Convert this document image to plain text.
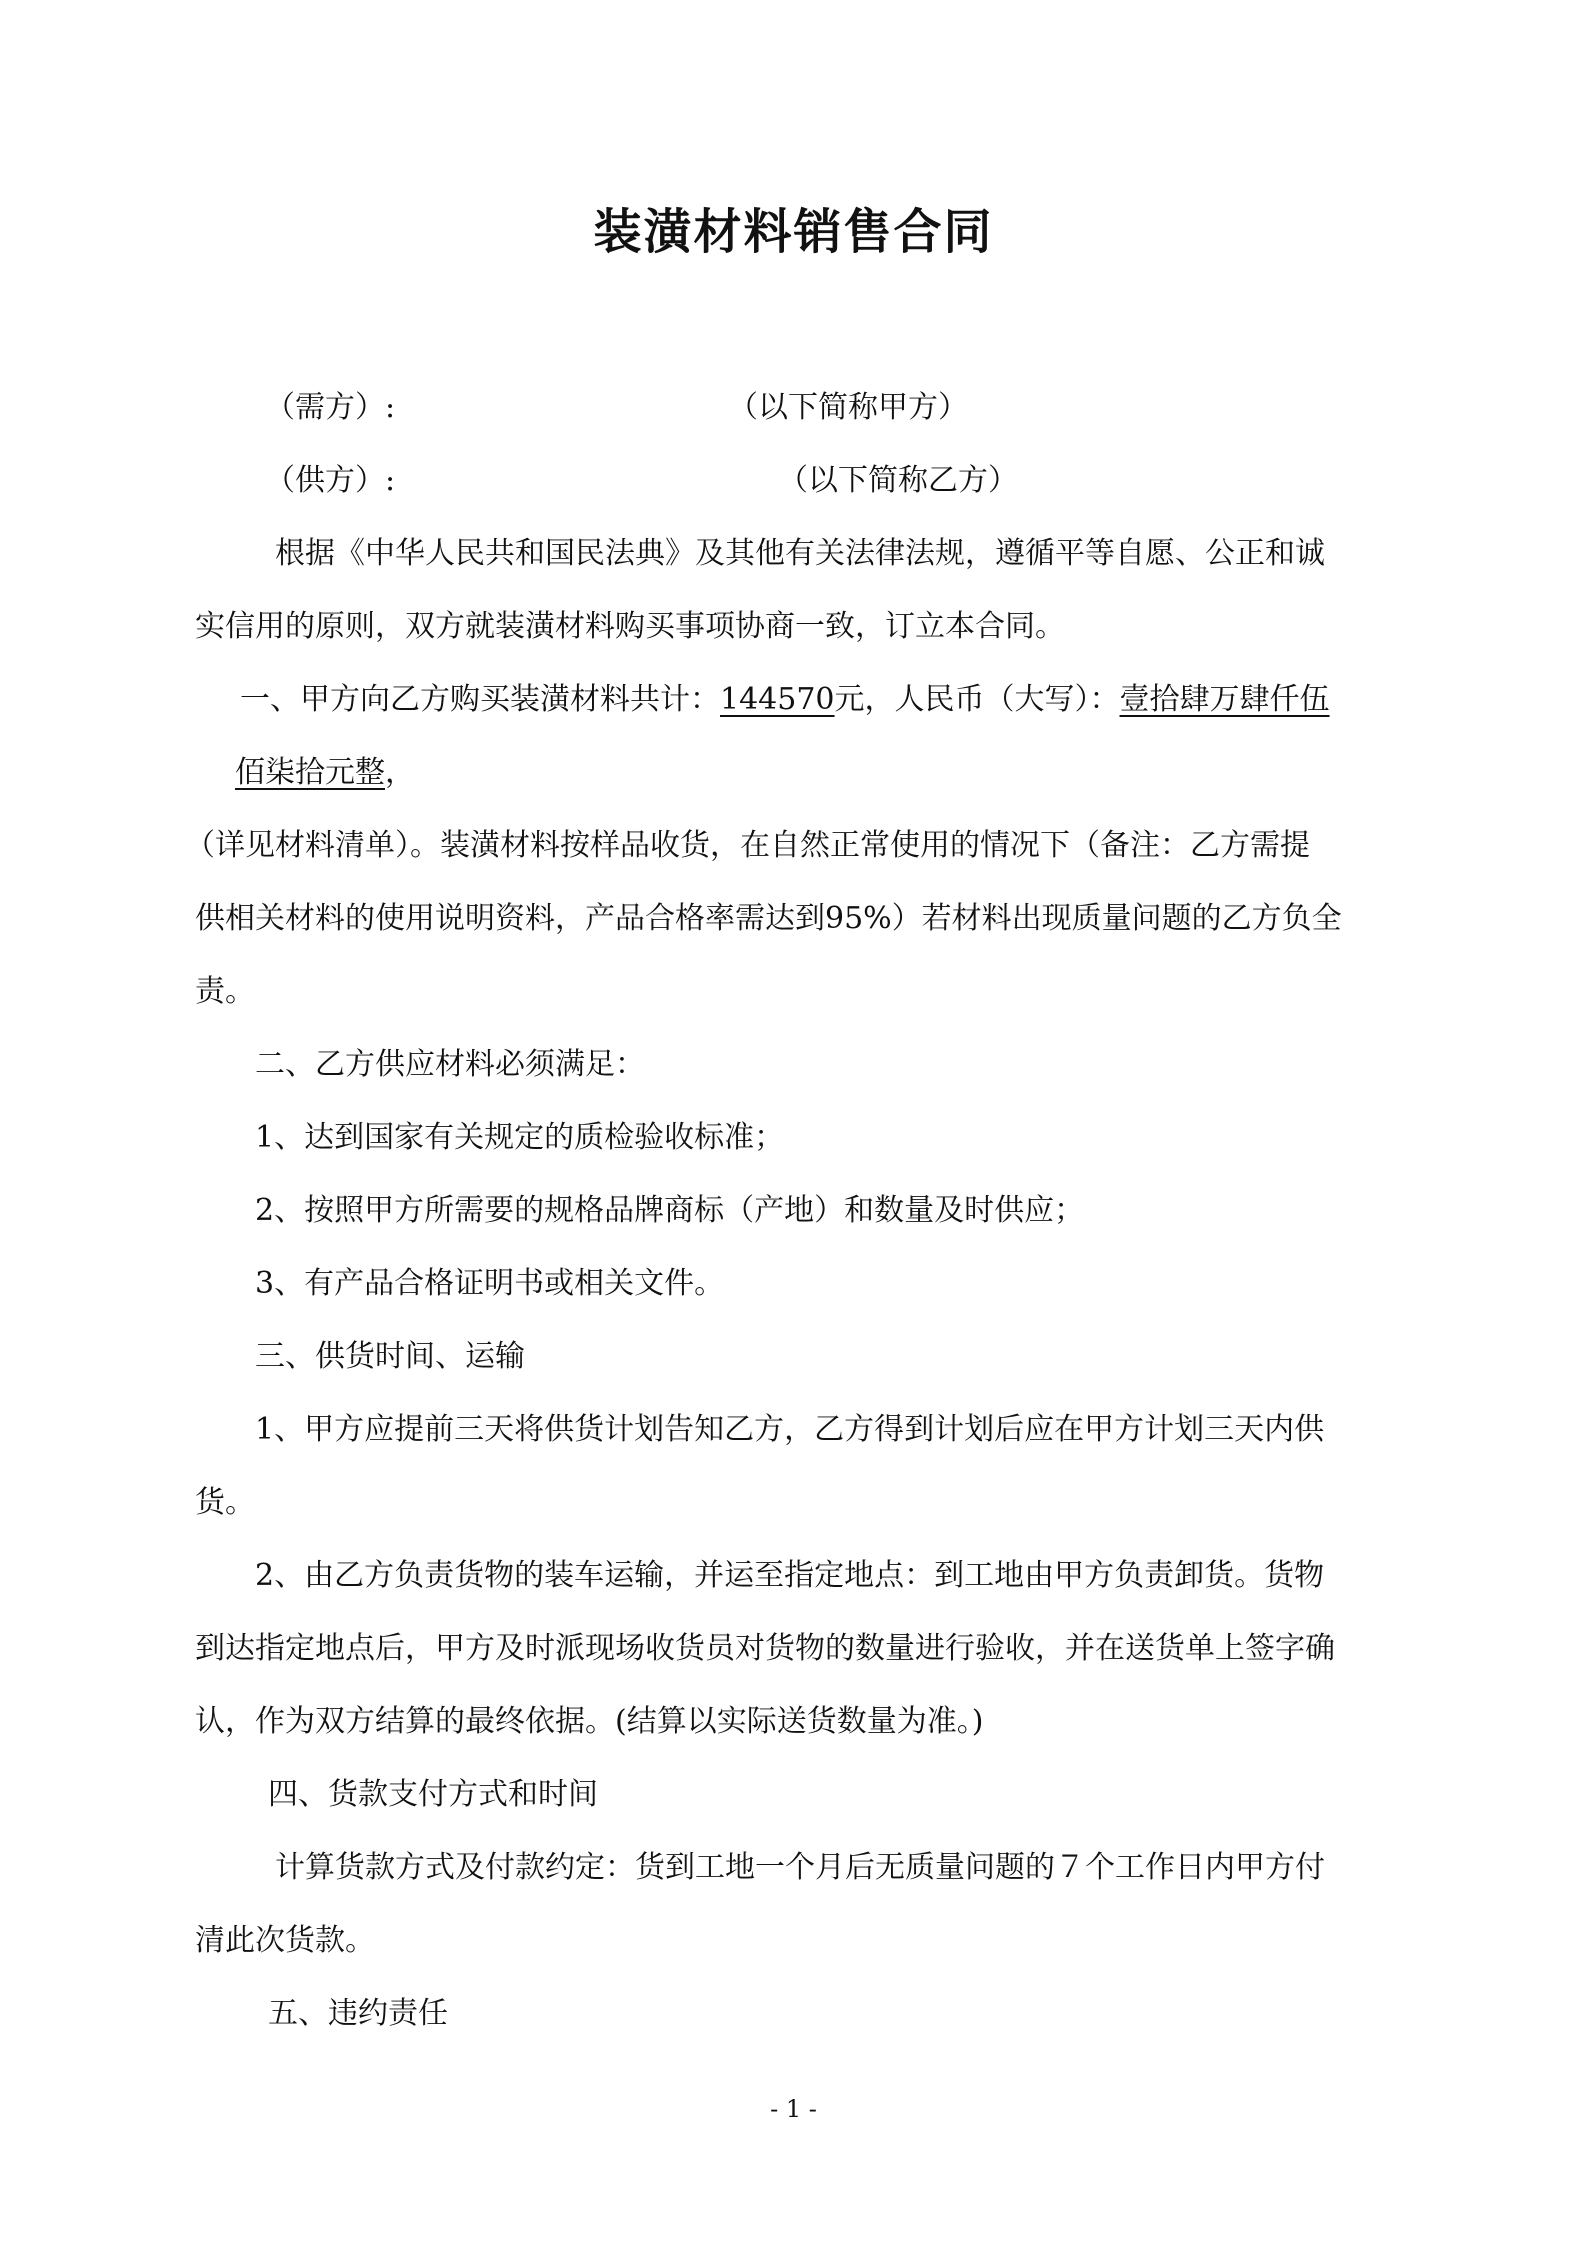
装潢材料销售合同
（需方）:	（以下简称甲方）
（供方）:	（以下简称乙方）
根据《中华人民共和国民法典》及其他有关法律法规，遵循平等自愿、公正和诚
实信用的原则，双方就装潢材料购买事项协商一致，订立本合同。
一、甲方向乙方购买装潢材料共计：144570元，人民币（大写）：壹拾肆万肆仟伍
佰柒拾元整，
（详见材料清单）。装潢材料按样品收货，在自然正常使用的情况下（备注：乙方需提
供相关材料的使用说明资料，产品合格率需达到95%）若材料出现质量问题的乙方负全
责。
二、乙方供应材料必须满足：
1、达到国家有关规定的质检验收标准；
2、按照甲方所需要的规格品牌商标（产地）和数量及时供应；
3、有产品合格证明书或相关文件。
三、供货时间、运输
1、甲方应提前三天将供货计划告知乙方，乙方得到计划后应在甲方计划三天内供
货。
2、由乙方负责货物的装车运输，并运至指定地点：到工地由甲方负责卸货。货物
到达指定地点后，甲方及时派现场收货员对货物的数量进行验收，并在送货单上签字确
认，作为双方结算的最终依据。(结算以实际送货数量为准。)
四、货款支付方式和时间
计算货款方式及付款约定：货到工地一个月后无质量问题的７个工作日内甲方付
清此次货款。
五、违约责任
- 1 -
